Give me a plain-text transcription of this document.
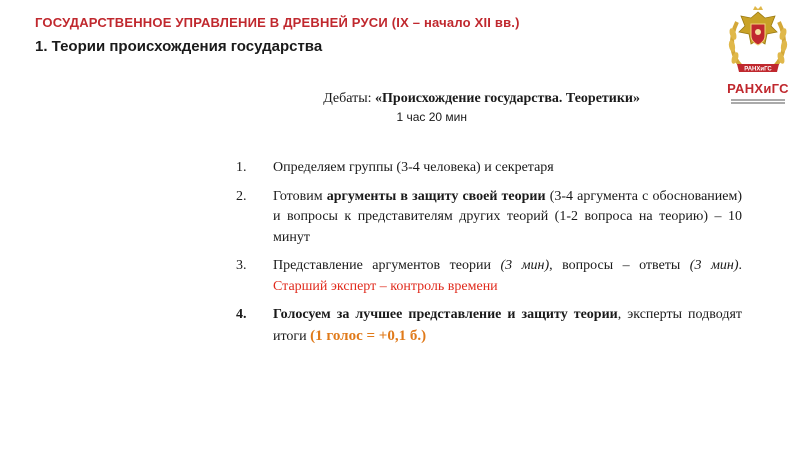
ГОСУДАРСТВЕННОЕ УПРАВЛЕНИЕ В ДРЕВНЕЙ РУСИ (IX – начало XII вв.)
1. Теории происхождения государства
РАНХиГС
РАНХиГС
Дебаты: «Происхождение государства. Теоретики»
1 час 20 мин
1.	Определяем группы (3-4 человека) и секретаря
2.	Готовим аргументы в защиту своей теории (3-4 аргумента с обоснованием) и вопросы к представителям других теорий (1-2 вопроса на теорию) – 10 минут
3.	Представление аргументов теории (3 мин), вопросы – ответы (3 мин). Старший эксперт – контроль времени
4.	Голосуем за лучшее представление и защиту теории, эксперты подводят итоги (1 голос = +0,1 б.)
